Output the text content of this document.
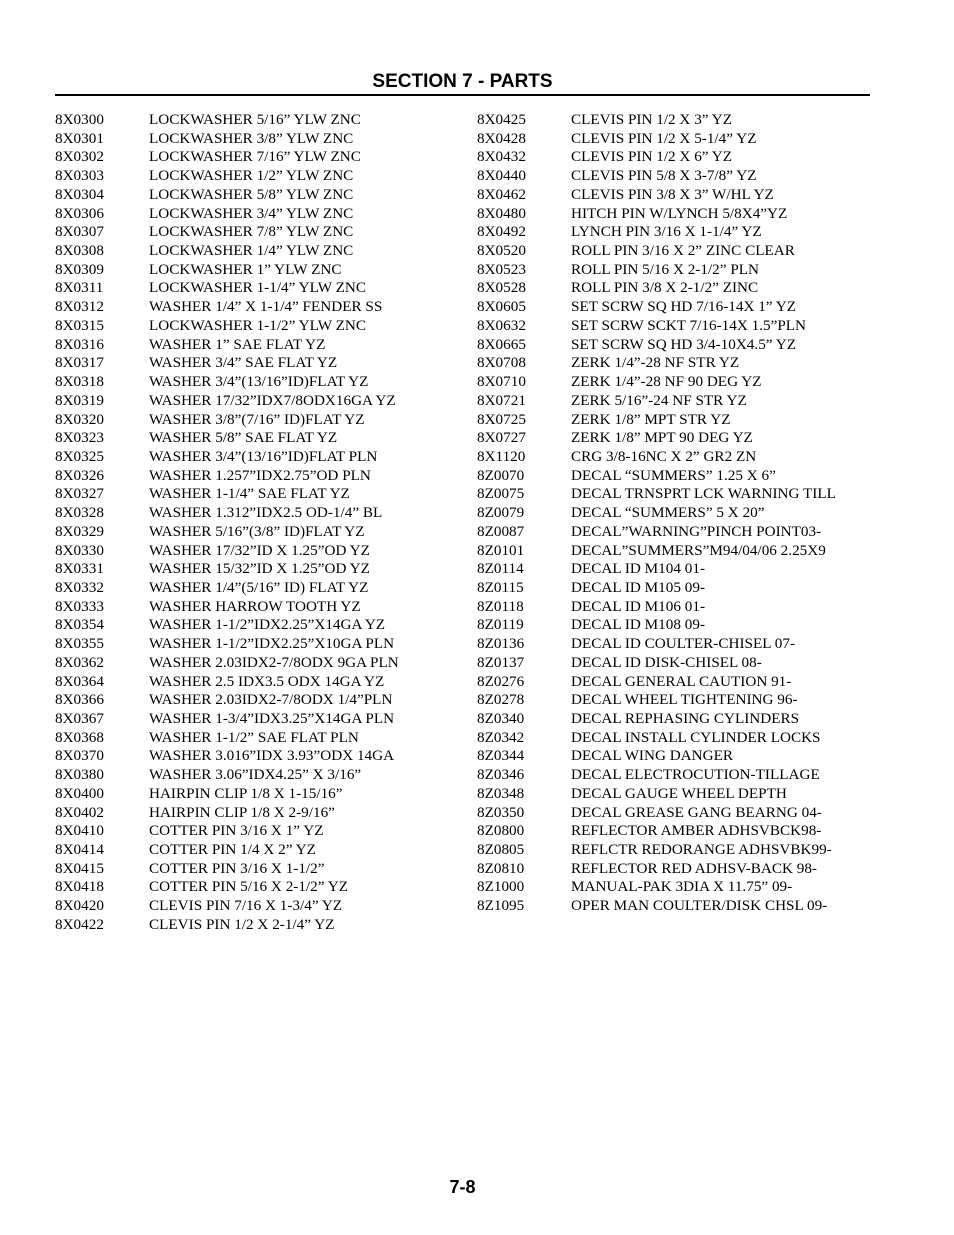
SECTION 7 - PARTS
8X0300	LOCKWASHER 5/16” YLW ZNC
8X0301	LOCKWASHER 3/8” YLW ZNC
8X0302	LOCKWASHER 7/16” YLW ZNC
8X0303	LOCKWASHER 1/2” YLW ZNC
8X0304	LOCKWASHER 5/8” YLW ZNC
8X0306	LOCKWASHER 3/4” YLW ZNC
8X0307	LOCKWASHER 7/8” YLW ZNC
8X0308	LOCKWASHER 1/4” YLW ZNC
8X0309	LOCKWASHER 1” YLW ZNC
8X0311	LOCKWASHER 1-1/4” YLW ZNC
8X0312	WASHER 1/4” X 1-1/4” FENDER SS
8X0315	LOCKWASHER 1-1/2” YLW ZNC
8X0316	WASHER 1” SAE FLAT YZ
8X0317	WASHER 3/4” SAE FLAT YZ
8X0318	WASHER 3/4”(13/16”ID)FLAT YZ
8X0319	WASHER 17/32”IDX7/8ODX16GA YZ
8X0320	WASHER 3/8”(7/16” ID)FLAT YZ
8X0323	WASHER 5/8” SAE FLAT YZ
8X0325	WASHER 3/4”(13/16”ID)FLAT PLN
8X0326	WASHER 1.257”IDX2.75”OD PLN
8X0327	WASHER 1-1/4” SAE FLAT YZ
8X0328	WASHER 1.312”IDX2.5 OD-1/4” BL
8X0329	WASHER 5/16”(3/8” ID)FLAT YZ
8X0330	WASHER 17/32”ID X 1.25”OD YZ
8X0331	WASHER 15/32”ID X 1.25”OD YZ
8X0332	WASHER 1/4”(5/16” ID) FLAT YZ
8X0333	WASHER HARROW TOOTH YZ
8X0354	WASHER 1-1/2”IDX2.25”X14GA YZ
8X0355	WASHER 1-1/2”IDX2.25”X10GA PLN
8X0362	WASHER 2.03IDX2-7/8ODX 9GA PLN
8X0364	WASHER 2.5 IDX3.5 ODX 14GA YZ
8X0366	WASHER 2.03IDX2-7/8ODX 1/4”PLN
8X0367	WASHER 1-3/4”IDX3.25”X14GA PLN
8X0368	WASHER 1-1/2” SAE FLAT PLN
8X0370	WASHER 3.016”IDX 3.93”ODX 14GA
8X0380	WASHER 3.06”IDX4.25” X 3/16”
8X0400	HAIRPIN CLIP 1/8 X 1-15/16”
8X0402	HAIRPIN CLIP 1/8 X 2-9/16”
8X0410	COTTER PIN 3/16 X 1” YZ
8X0414	COTTER PIN 1/4 X 2” YZ
8X0415	COTTER PIN 3/16 X 1-1/2”
8X0418	COTTER PIN 5/16 X 2-1/2” YZ
8X0420	CLEVIS PIN 7/16 X 1-3/4” YZ
8X0422	CLEVIS PIN 1/2 X 2-1/4” YZ
8X0425	CLEVIS PIN 1/2 X 3” YZ
8X0428	CLEVIS PIN 1/2 X 5-1/4” YZ
8X0432	CLEVIS PIN 1/2 X 6” YZ
8X0440	CLEVIS PIN 5/8 X 3-7/8” YZ
8X0462	CLEVIS PIN 3/8 X 3” W/HL YZ
8X0480	HITCH PIN W/LYNCH 5/8X4”YZ
8X0492	LYNCH PIN 3/16 X 1-1/4” YZ
8X0520	ROLL PIN 3/16 X 2” ZINC CLEAR
8X0523	ROLL PIN 5/16 X 2-1/2” PLN
8X0528	ROLL PIN 3/8 X 2-1/2” ZINC
8X0605	SET SCRW SQ HD 7/16-14X 1” YZ
8X0632	SET SCRW SCKT 7/16-14X 1.5”PLN
8X0665	SET SCRW SQ HD 3/4-10X4.5” YZ
8X0708	ZERK 1/4”-28 NF STR YZ
8X0710	ZERK 1/4”-28 NF 90 DEG YZ
8X0721	ZERK 5/16”-24 NF STR YZ
8X0725	ZERK 1/8” MPT STR YZ
8X0727	ZERK 1/8” MPT 90 DEG YZ
8X1120	CRG 3/8-16NC X 2” GR2 ZN
8Z0070	DECAL “SUMMERS” 1.25 X 6”
8Z0075	DECAL TRNSPRT LCK WARNING TILL
8Z0079	DECAL “SUMMERS” 5 X 20”
8Z0087	DECAL”WARNING”PINCH POINT03-
8Z0101	DECAL”SUMMERS”M94/04/06 2.25X9
8Z0114	DECAL ID M104 01-
8Z0115	DECAL ID M105 09-
8Z0118	DECAL ID M106 01-
8Z0119	DECAL ID M108 09-
8Z0136	DECAL ID COULTER-CHISEL 07-
8Z0137	DECAL ID DISK-CHISEL 08-
8Z0276	DECAL GENERAL CAUTION 91-
8Z0278	DECAL WHEEL TIGHTENING 96-
8Z0340	DECAL REPHASING CYLINDERS
8Z0342	DECAL INSTALL CYLINDER LOCKS
8Z0344	DECAL WING DANGER
8Z0346	DECAL ELECTROCUTION-TILLAGE
8Z0348	DECAL GAUGE WHEEL DEPTH
8Z0350	DECAL GREASE GANG BEARNG 04-
8Z0800	REFLECTOR AMBER ADHSVBCK98-
8Z0805	REFLCTR REDORANGE ADHSVBK99-
8Z0810	REFLECTOR RED ADHSV-BACK 98-
8Z1000	MANUAL-PAK 3DIA X 11.75” 09-
8Z1095	OPER MAN COULTER/DISK CHSL 09-
7-8
